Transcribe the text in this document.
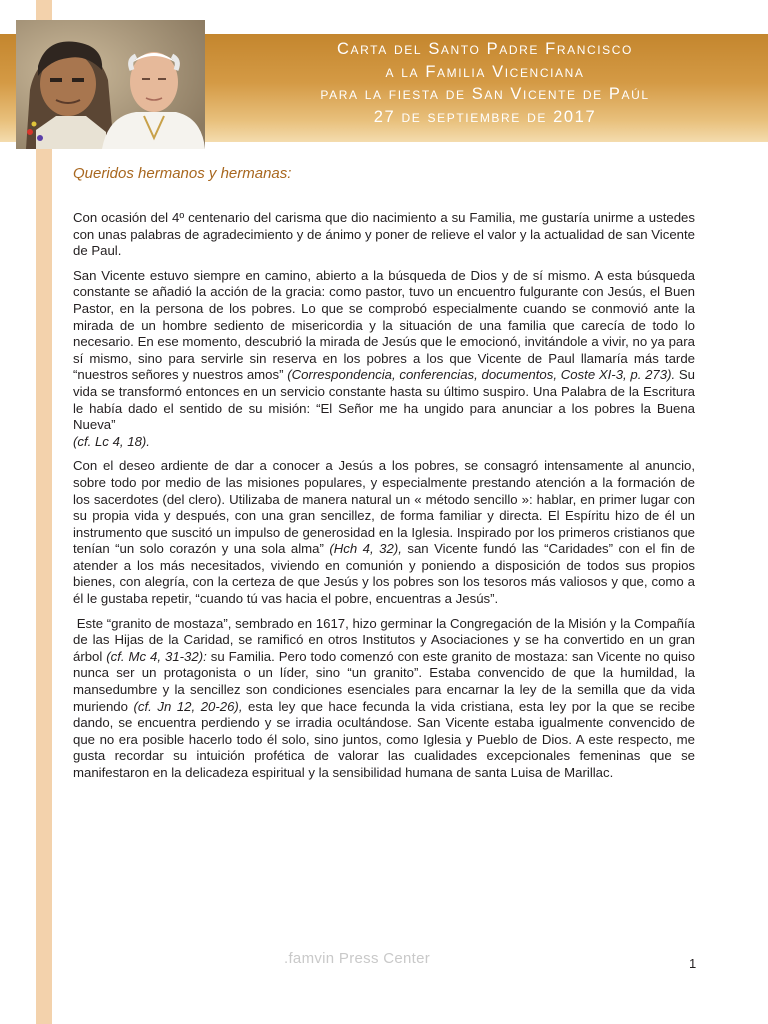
Carta del Santo Padre Francisco
a la Familia Vicenciana
para la fiesta de San Vicente de Paúl
27 de septiembre de 2017
Queridos hermanos y hermanas:

Con ocasión del 4º centenario del carisma que dio nacimiento a su Familia, me gustaría unirme a ustedes con unas palabras de agradecimiento y de ánimo y poner de relieve el valor y la actualidad de san Vicente de Paul.

San Vicente estuvo siempre en camino, abierto a la búsqueda de Dios y de sí mismo. A esta búsqueda constante se añadió la acción de la gracia: como pastor, tuvo un encuentro fulgurante con Jesús, el Buen Pastor, en la persona de los pobres. Lo que se comprobó especialmente cuando se conmovió ante la mirada de un hombre sediento de misericordia y la situación de una familia que carecía de todo lo necesario. En ese momento, descubrió la mirada de Jesús que le emocionó, invitándole a vivir, no ya para sí mismo, sino para servirle sin reserva en los pobres a los que Vicente de Paul llamaría más tarde “nuestros señores y nuestros amos” (Correspondencia, conferencias, documentos, Coste XI-3, p. 273). Su vida se transformó entonces en un servicio constante hasta su último suspiro. Una Palabra de la Escritura le había dado el sentido de su misión: “El Señor me ha ungido para anunciar a los pobres la Buena Nueva”
(cf. Lc 4, 18).

Con el deseo ardiente de dar a conocer a Jesús a los pobres, se consagró intensamente al anuncio, sobre todo por medio de las misiones populares, y especialmente prestando atención a la formación de los sacerdotes (del clero). Utilizaba de manera natural un « método sencillo »: hablar, en primer lugar con su propia vida y después, con una gran sencillez, de forma familiar y directa. El Espíritu hizo de él un instrumento que suscitó un impulso de generosidad en la Iglesia. Inspirado por los primeros cristianos que tenían “un solo corazón y una sola alma” (Hch 4, 32), san Vicente fundó las “Caridades” con el fin de atender a los más necesitados, viviendo en comunión y poniendo a disposición de todos sus propios bienes, con alegría, con la certeza de que Jesús y los pobres son los tesoros más valiosos y que, como a él le gustaba repetir, “cuando tú vas hacia el pobre, encuentras a Jesús”.

Este “granito de mostaza”, sembrado en 1617, hizo germinar la Congregación de la Misión y la Compañía de las Hijas de la Caridad, se ramificó en otros Institutos y Asociaciones y se ha convertido en un gran árbol (cf. Mc 4, 31-32): su Familia. Pero todo comenzó con este granito de mostaza: san Vicente no quiso nunca ser un protagonista o un líder, sino “un granito”. Estaba convencido de que la humildad, la mansedumbre y la sencillez son condiciones esenciales para encarnar la ley de la semilla que da vida muriendo (cf. Jn 12, 20-26), esta ley que hace fecunda la vida cristiana, esta ley por la que se recibe dando, se encuentra perdiendo y se irradia ocultándose. San Vicente estaba igualmente convencido de que no era posible hacerlo todo él solo, sino juntos, como Iglesia y Pueblo de Dios. A este respecto, me gusta recordar su intuición profética de valorar las cualidades excepcionales femeninas que se manifestaron en la delicadeza espiritual y la sensibilidad humana de santa Luisa de Marillac.

.famvin Press Center	1
